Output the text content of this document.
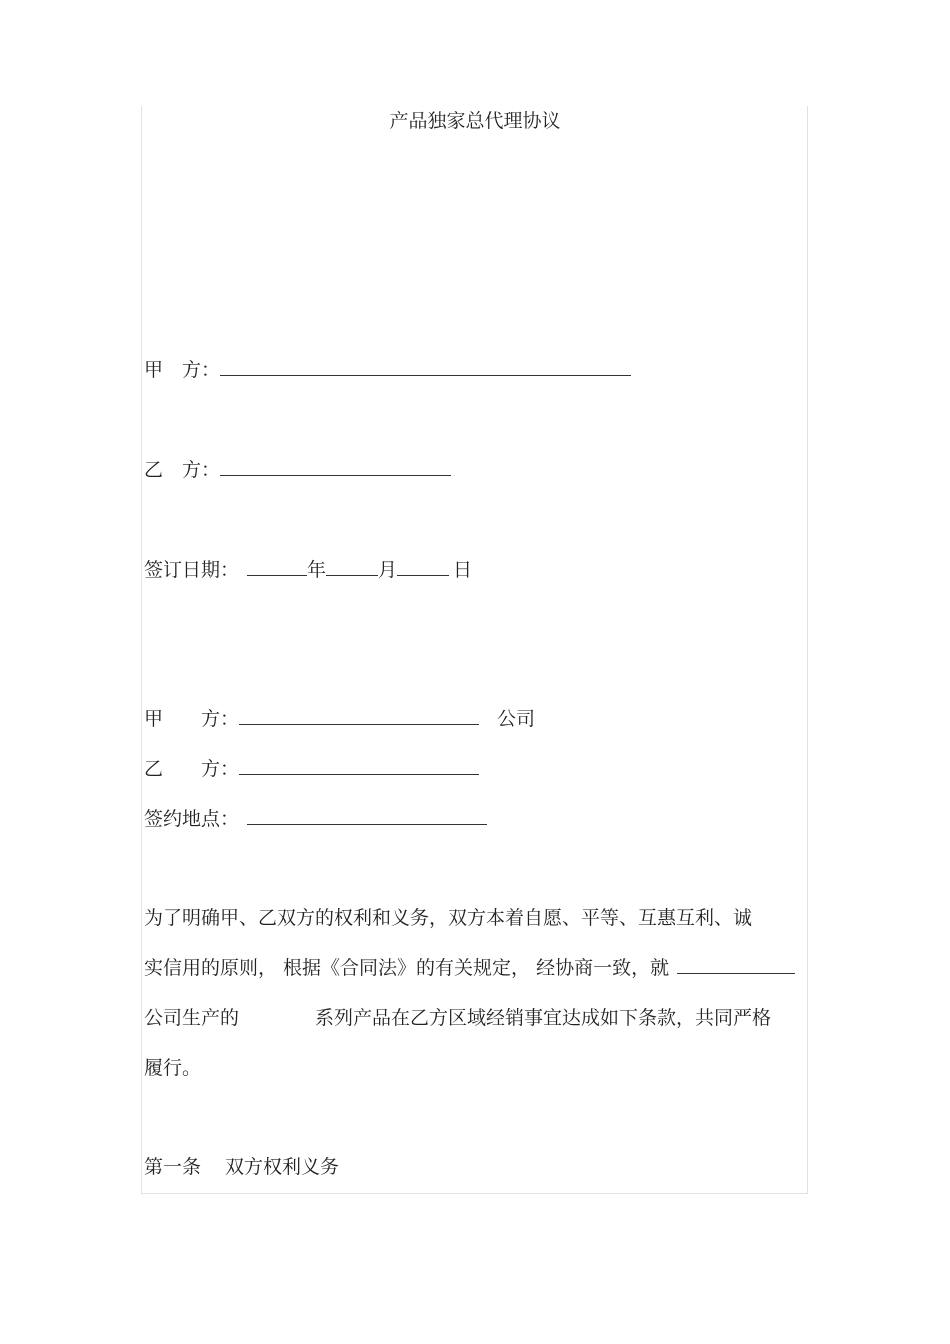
产品独家总代理协议
甲　方：
乙　方：
签订日期：	年	月	日
甲　　方：	公司
乙　　方：
签约地点：
为了明确甲、乙双方的权利和义务，双方本着自愿、平等、互惠互利、诚
实信用的原则， 根据《合同法》的有关规定， 经协商一致，就
公司生产的	系列产品在乙方区域经销事宜达成如下条款，共同严格
履行。
第一条 双方权利义务
